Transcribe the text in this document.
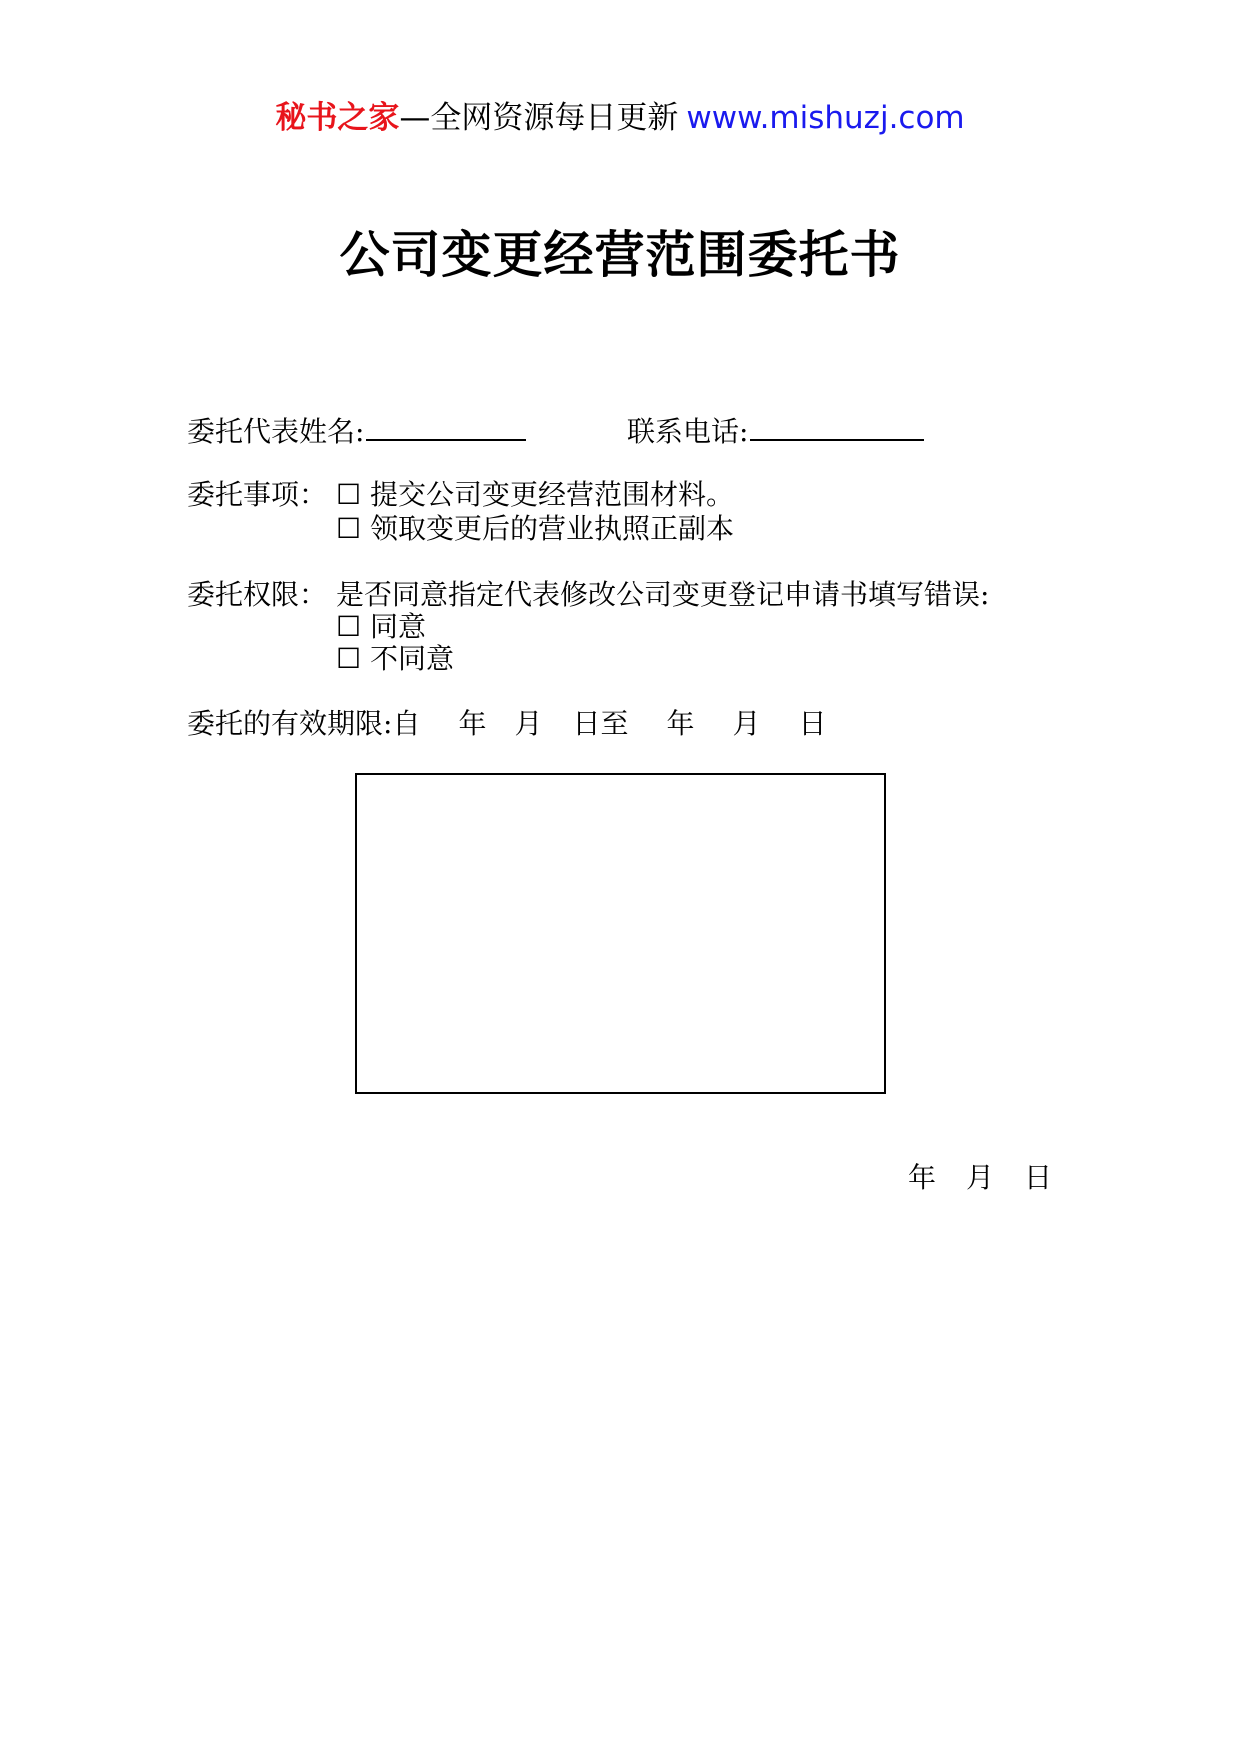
秘书之家—全网资源每日更新 www.mishuzj.com
公司变更经营范围委托书
委托代表姓名:	联系电话:
委托事项： ☐ 提交公司变更经营范围材料。
☐ 领取变更后的营业执照正副本
委托权限： 是否同意指定代表修改公司变更登记申请书填写错误:
☐ 同意
☐ 不同意
委托的有效期限:自 年 月 日至 年 月 日
年 月 日
